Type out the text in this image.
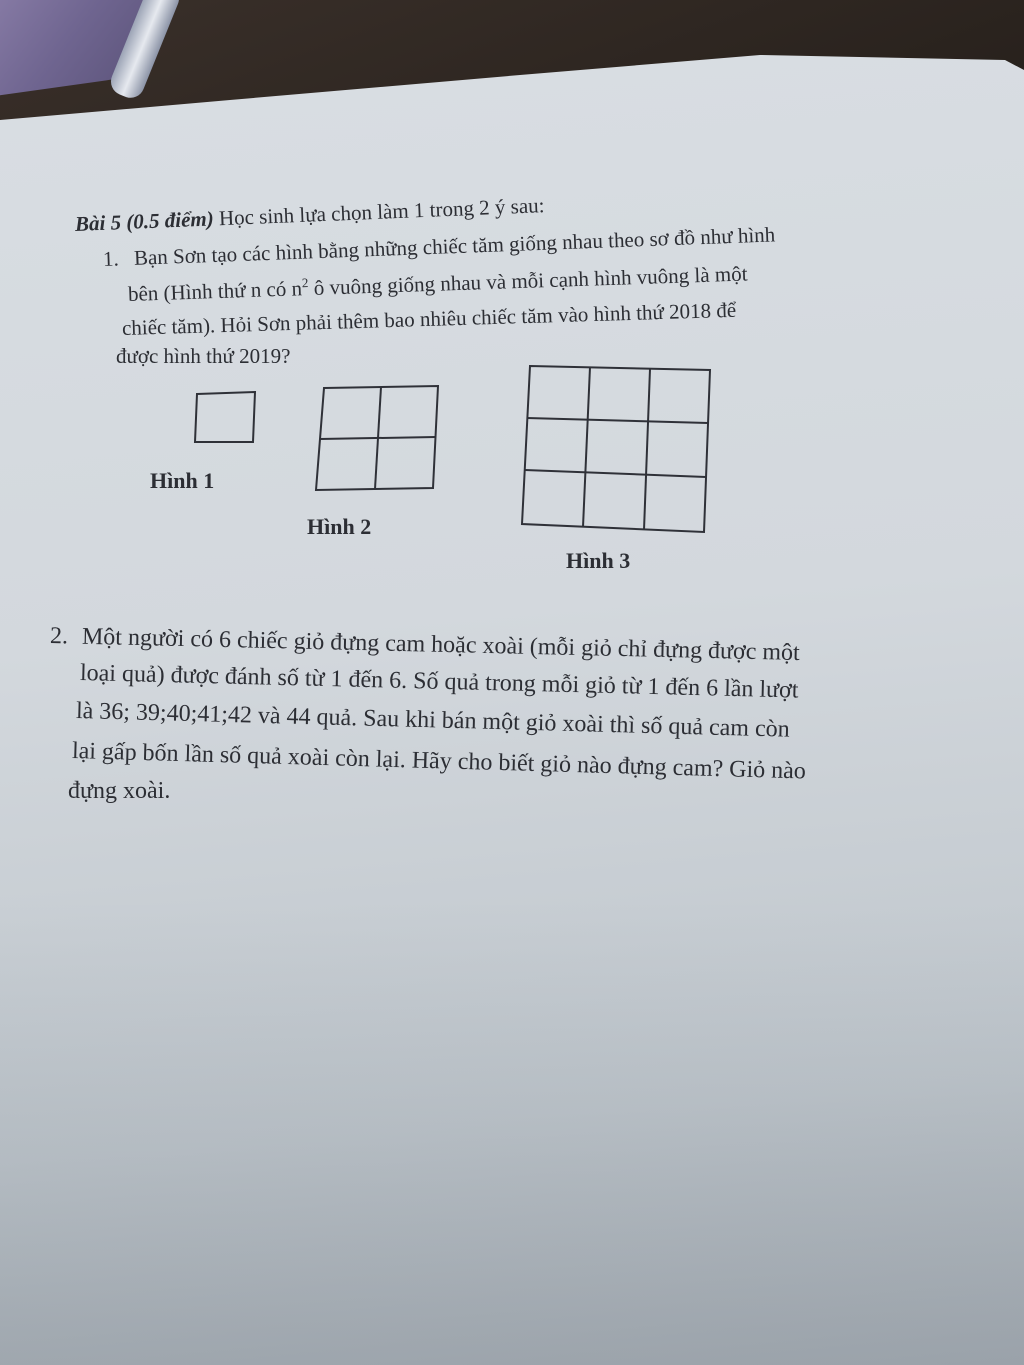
Bài 5 (0.5 điểm) Học sinh lựa chọn làm 1 trong 2 ý sau:
1. Bạn Sơn tạo các hình bằng những chiếc tăm giống nhau theo sơ đồ như hình
bên (Hình thứ n có $n^2$ ô vuông giống nhau và mỗi cạnh hình vuông là một
chiếc tăm). Hỏi Sơn phải thêm bao nhiêu chiếc tăm vào hình thứ 2018 để
được hình thứ 2019?
Hình 1
Hình 2
Hình 3
2. Một người có 6 chiếc giỏ đựng cam hoặc xoài (mỗi giỏ chỉ đựng được một
loại quả) được đánh số từ 1 đến 6. Số quả trong mỗi giỏ từ 1 đến 6 lần lượt
là 36; 39;40;41;42 và 44 quả. Sau khi bán một giỏ xoài thì số quả cam còn
lại gấp bốn lần số quả xoài còn lại. Hãy cho biết giỏ nào đựng cam? Giỏ nào
đựng xoài.
